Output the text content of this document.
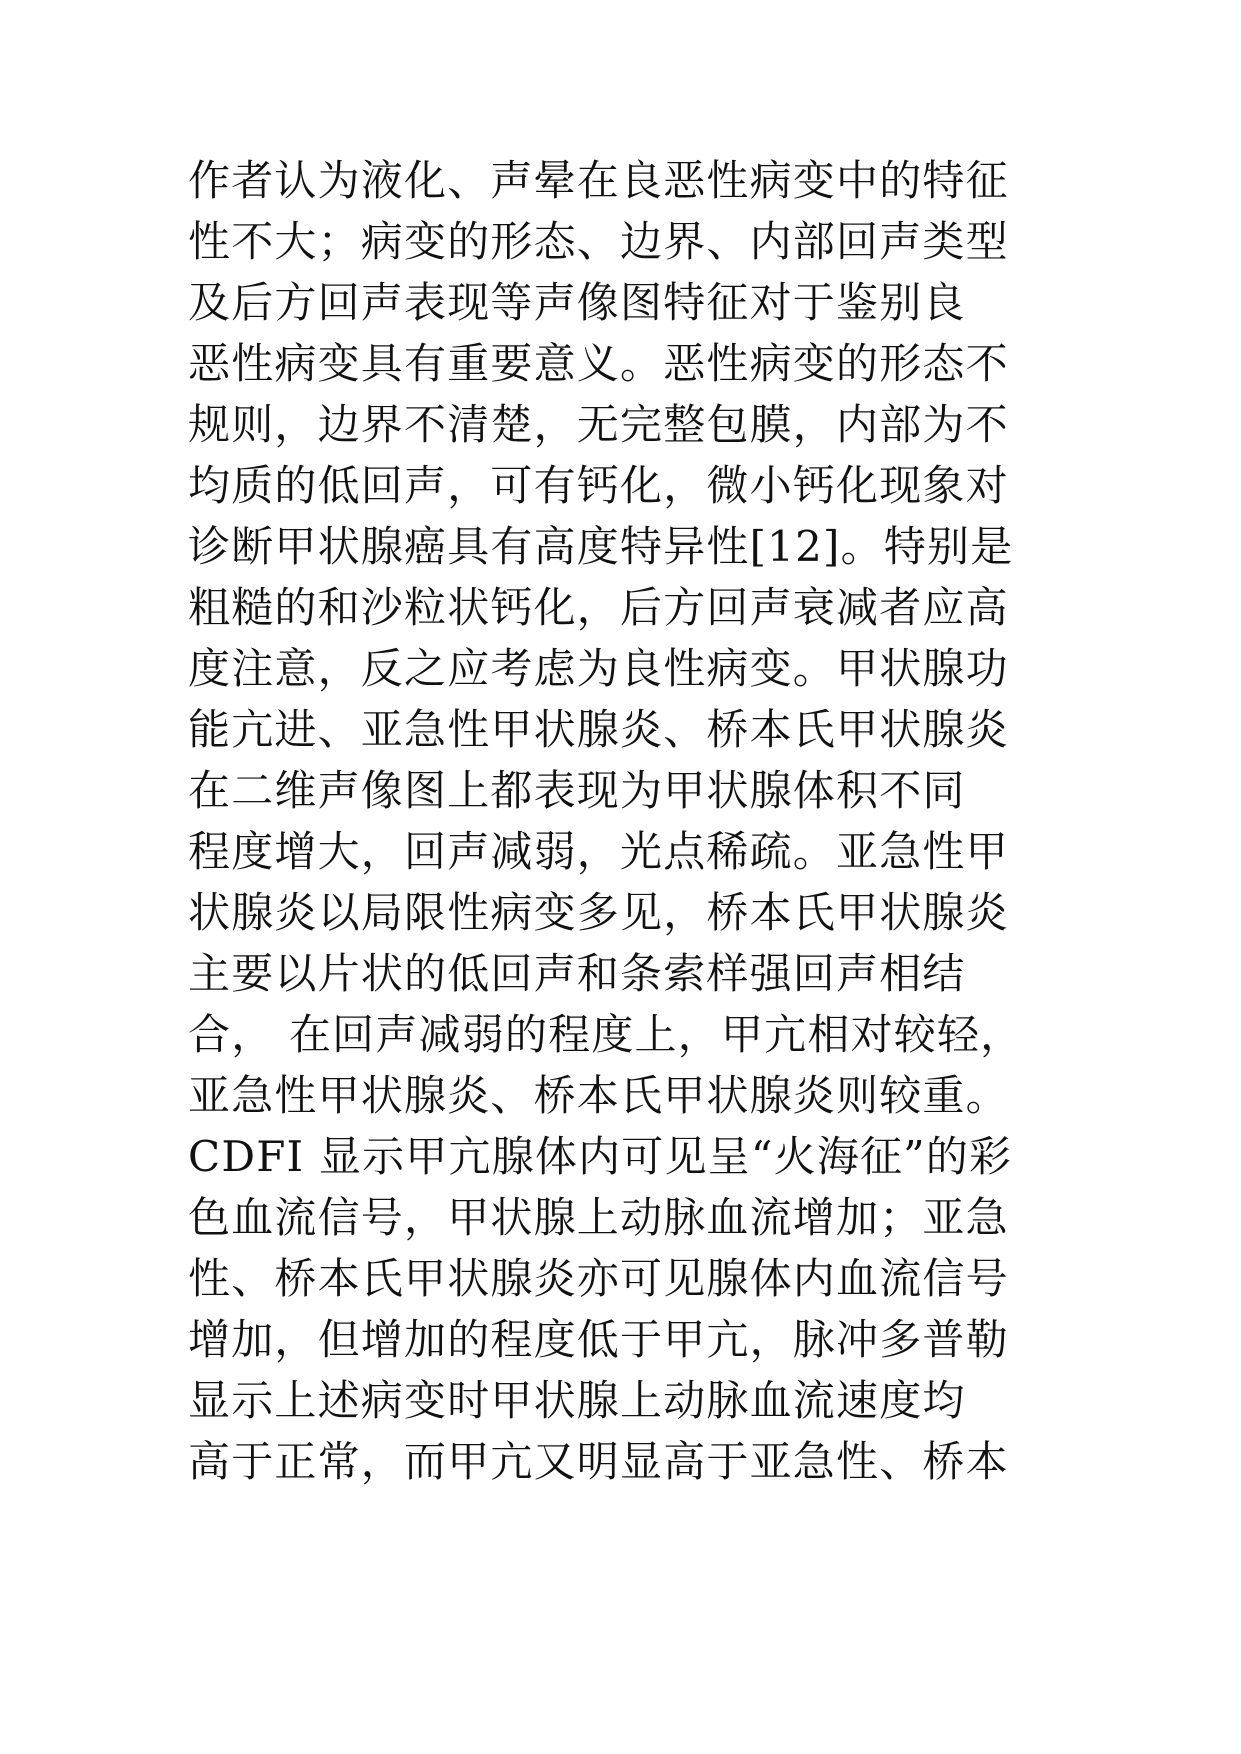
作者认为液化、声晕在良恶性病变中的特征
性不大；病变的形态、边界、内部回声类型
及后方回声表现等声像图特征对于鉴别良
恶性病变具有重要意义。恶性病变的形态不
规则，边界不清楚，无完整包膜，内部为不
均质的低回声，可有钙化，微小钙化现象对
诊断甲状腺癌具有高度特异性[12]。特别是
粗糙的和沙粒状钙化，后方回声衰减者应高
度注意，反之应考虑为良性病变。甲状腺功
能亢进、亚急性甲状腺炎、桥本氏甲状腺炎
在二维声像图上都表现为甲状腺体积不同
程度增大，回声减弱，光点稀疏。亚急性甲
状腺炎以局限性病变多见，桥本氏甲状腺炎
主要以片状的低回声和条索样强回声相结
合， 在回声减弱的程度上，甲亢相对较轻，
亚急性甲状腺炎、桥本氏甲状腺炎则较重。
CDFI 显示甲亢腺体内可见呈“火海征”的彩
色血流信号，甲状腺上动脉血流增加；亚急
性、桥本氏甲状腺炎亦可见腺体内血流信号
增加，但增加的程度低于甲亢，脉冲多普勒
显示上述病变时甲状腺上动脉血流速度均
高于正常，而甲亢又明显高于亚急性、桥本
